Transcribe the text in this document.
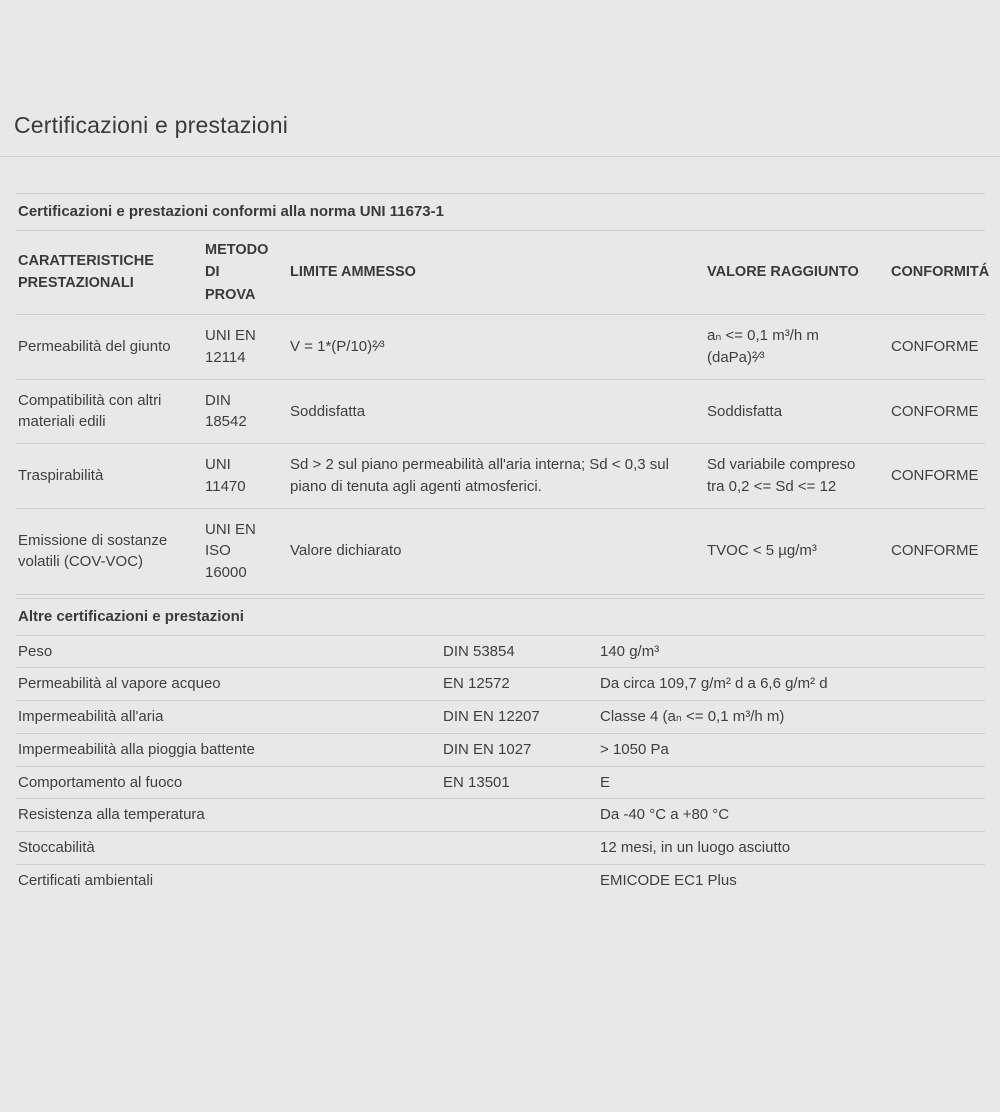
Certificazioni e prestazioni
Certificazioni e prestazioni conformi alla norma UNI 11673-1				
CARATTERISTICHE PRESTAZIONALI	METODO DI PROVA	LIMITE AMMESSO	VALORE RAGGIUNTO	CONFORMITÁ
Permeabilità del giunto	UNI EN 12114	V = 1*(P/10)²⁄³	aₙ <= 0,1 m³/h m (daPa)²⁄³	CONFORME
Compatibilità con altri materiali edili	DIN 18542	Soddisfatta	Soddisfatta	CONFORME
Traspirabilità	UNI 11470	Sd > 2 sul piano permeabilità all'aria interna; Sd < 0,3 sul piano di tenuta agli agenti atmosferici.	Sd variabile compreso tra 0,2 <= Sd <= 12	CONFORME
Emissione di sostanze volatili (COV-VOC)	UNI EN ISO 16000	Valore dichiarato	TVOC < 5 µg/m³	CONFORME
Altre certificazioni e prestazioni		
Peso	DIN 53854	140 g/m³
Permeabilità al vapore acqueo	EN 12572	Da circa 109,7 g/m² d a 6,6 g/m² d
Impermeabilità all'aria	DIN EN 12207	Classe 4 (aₙ <= 0,1 m³/h m)
Impermeabilità alla pioggia battente	DIN EN 1027	> 1050 Pa
Comportamento al fuoco	EN 13501	E
Resistenza alla temperatura		Da -40 °C a +80 °C
Stoccabilità		12 mesi, in un luogo asciutto
Certificati ambientali		EMICODE EC1 Plus
